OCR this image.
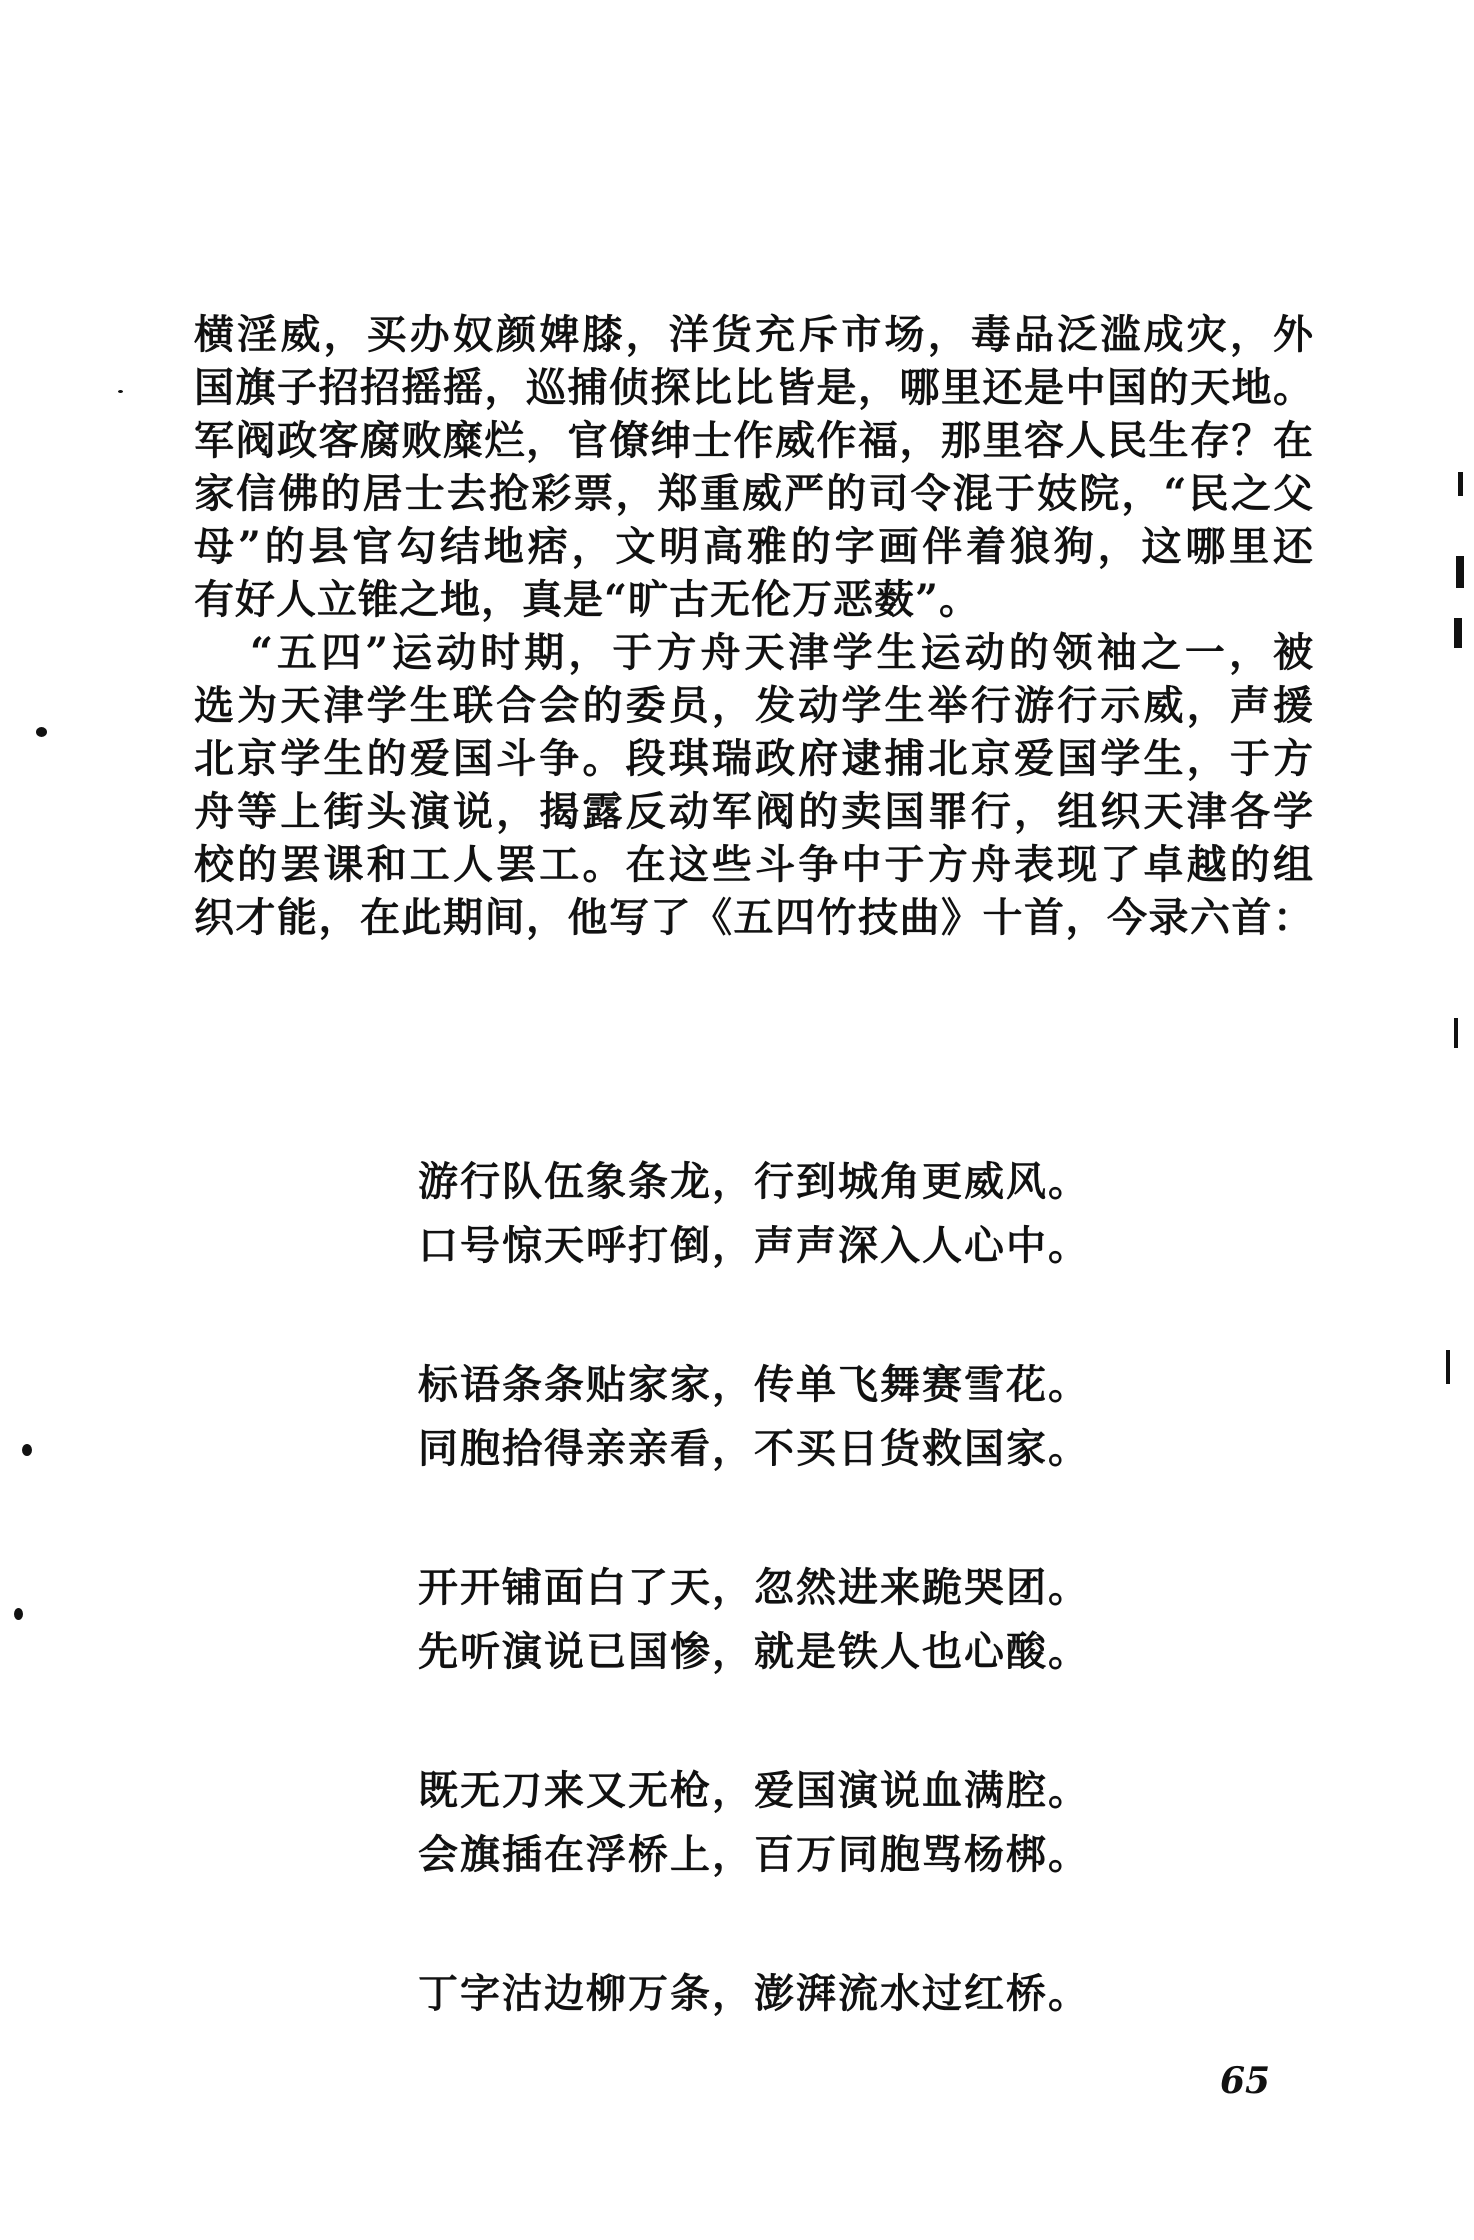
横淫威，买办奴颜婢膝，洋货充斥市场，毒品泛滥成灾，外
国旗子招招摇摇，巡捕侦探比比皆是，哪里还是中国的天地。
军阀政客腐败糜烂，官僚绅士作威作福，那里容人民生存？在
家信佛的居士去抢彩票，郑重威严的司令混于妓院，“民之父
母”的县官勾结地痞，文明高雅的字画伴着狼狗，这哪里还
有好人立锥之地，真是“旷古无伦万恶薮”。
“五四”运动时期，于方舟天津学生运动的领袖之一，被
选为天津学生联合会的委员，发动学生举行游行示威，声援
北京学生的爱国斗争。段琪瑞政府逮捕北京爱国学生，于方
舟等上街头演说，揭露反动军阀的卖国罪行，组织天津各学
校的罢课和工人罢工。在这些斗争中于方舟表现了卓越的组
织才能，在此期间，他写了《五四竹技曲》十首，今录六首：
游行队伍象条龙，行到城角更威风。
口号惊天呼打倒，声声深入人心中。
标语条条贴家家，传单飞舞赛雪花。
同胞拾得亲亲看，不买日货救国家。
开开铺面白了天，忽然进来跪哭团。
先听演说已国惨，就是铁人也心酸。
既无刀来又无枪，爱国演说血满腔。
会旗插在浮桥上，百万同胞骂杨梆。
丁字沽边柳万条，澎湃流水过红桥。
65
